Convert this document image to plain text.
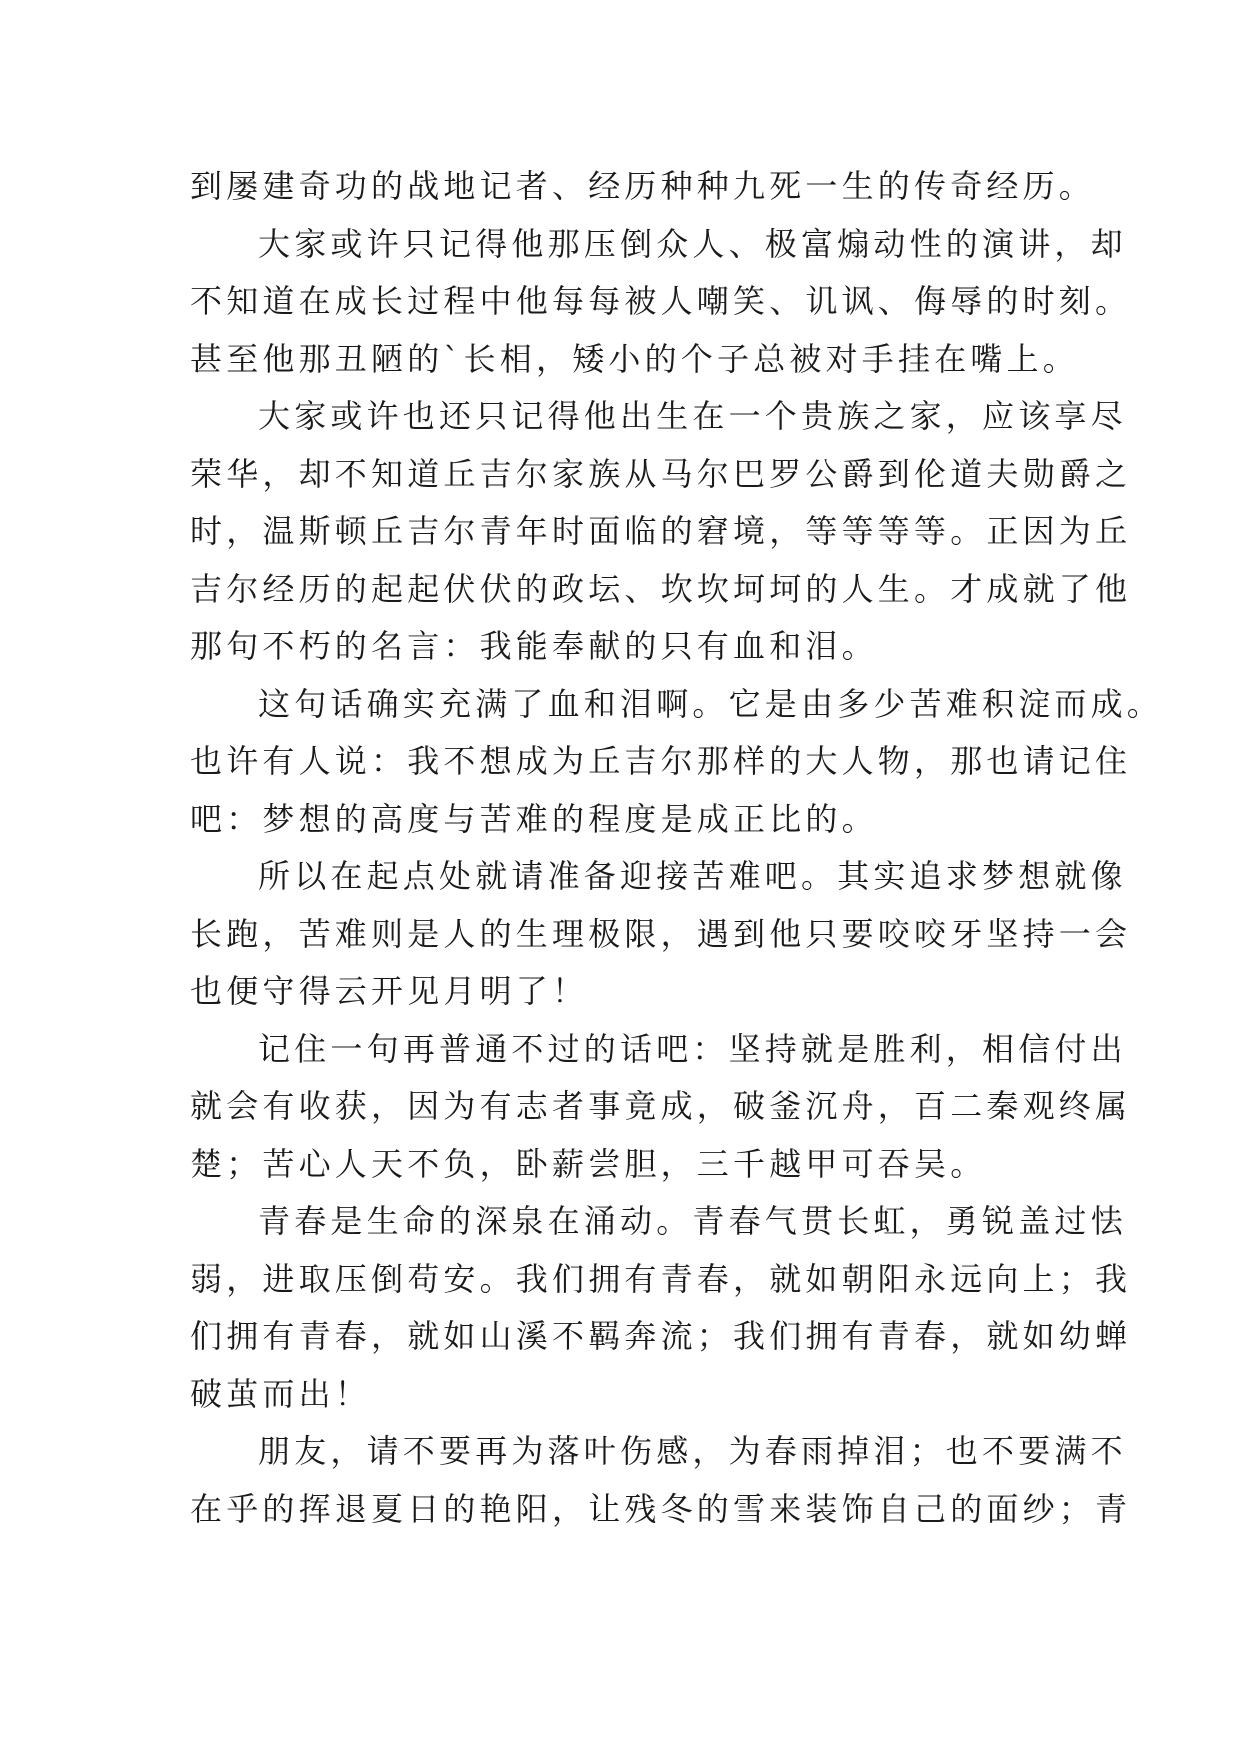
到屡建奇功的战地记者、经历种种九死一生的传奇经历。
大家或许只记得他那压倒众人、极富煽动性的演讲，却
不知道在成长过程中他每每被人嘲笑、讥讽、侮辱的时刻。
甚至他那丑陋的`长相，矮小的个子总被对手挂在嘴上。
大家或许也还只记得他出生在一个贵族之家，应该享尽
荣华，却不知道丘吉尔家族从马尔巴罗公爵到伦道夫勋爵之
时，温斯顿丘吉尔青年时面临的窘境，等等等等。正因为丘
吉尔经历的起起伏伏的政坛、坎坎坷坷的人生。才成就了他
那句不朽的名言：我能奉献的只有血和泪。
这句话确实充满了血和泪啊。它是由多少苦难积淀而成。
也许有人说：我不想成为丘吉尔那样的大人物，那也请记住
吧：梦想的高度与苦难的程度是成正比的。
所以在起点处就请准备迎接苦难吧。其实追求梦想就像
长跑，苦难则是人的生理极限，遇到他只要咬咬牙坚持一会
也便守得云开见月明了！
记住一句再普通不过的话吧：坚持就是胜利，相信付出
就会有收获，因为有志者事竟成，破釜沉舟，百二秦观终属
楚；苦心人天不负，卧薪尝胆，三千越甲可吞吴。
青春是生命的深泉在涌动。青春气贯长虹，勇锐盖过怯
弱，进取压倒苟安。我们拥有青春，就如朝阳永远向上；我
们拥有青春，就如山溪不羁奔流；我们拥有青春，就如幼蝉
破茧而出！
朋友，请不要再为落叶伤感，为春雨掉泪；也不要满不
在乎的挥退夏日的艳阳，让残冬的雪来装饰自己的面纱；青
